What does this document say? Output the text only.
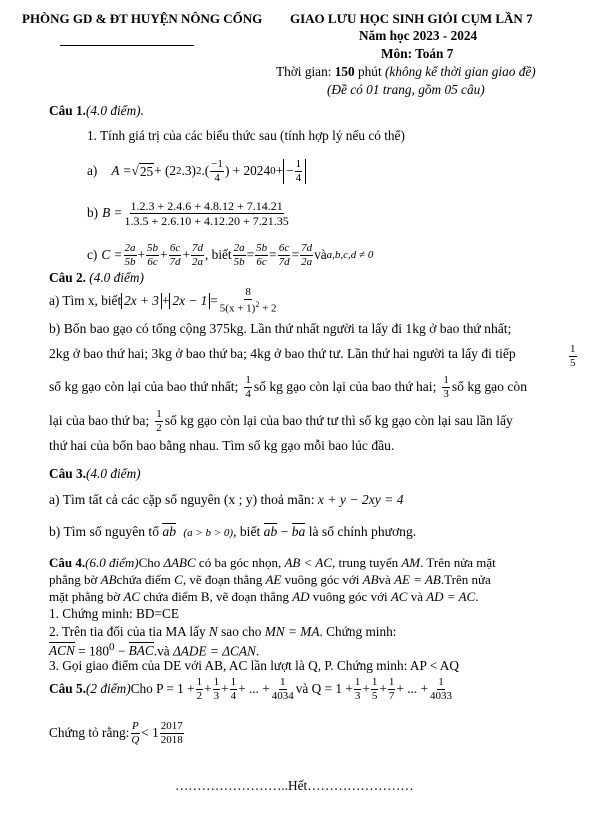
PHÒNG GD & ĐT HUYỆN NÔNG CỐNG GIAO LƯU HỌC SINH GIỎI CỤM LẦN 7
Năm học 2023 - 2024
Môn: Toán 7
Thời gian: 150 phút (không kể thời gian giao đề)
(Đề có 01 trang, gồm 05 câu)
Câu 1.(4.0 điểm).
1. Tính giá trị của các biểu thức sau (tính hợp lý nếu có thể)
a) A = √ 25 + (2 2 .3) 2 .( $\frac{-1}{4}$ ) + 2024 0 + − $\frac{1}{4}$
b) $B = \frac{1.2.3 + 2.4.6 + 4.8.12 + 7.14.21}{1.3.5 + 2.6.10 + 4.12.20 + 7.21.35}$
c) $C = \frac{2a}{5b} + \frac{5b}{6c} + \frac{6c}{7d} + \frac{7d}{2a}$ , biết $\frac{2a}{5b} = \frac{5b}{6c} = \frac{6c}{7d} = \frac{7d}{2a}$ và a,b,c,d ≠ 0
Câu 2. (4.0 điểm)
a) Tìm x, biết $2x + 3 + 2x - 1 = \frac{8}{5(x + 1)^2 + 2}$
b) Bốn bao gạo có tổng cộng 375kg. Lần thứ nhất người ta lấy đi 1kg ở bao thứ nhất;
2kg ở bao thứ hai; 3kg ở bao thứ ba; 4kg ở bao thứ tư. Lần thứ hai người ta lấy đi tiếp	$\frac{1}{5}$
số kg gạo còn lại của bao thứ nhất; $\frac{1}{4}$ số kg gạo còn lại của bao thứ hai; $\frac{1}{3}$ số kg gạo còn
lại của bao thứ ba; $\frac{1}{2}$ số kg gạo còn lại của bao thứ tư thì số kg gạo còn lại sau lần lấy
thứ hai của bốn bao bằng nhau. Tìm số kg gạo mỗi bao lúc đầu.
Câu 3.(4.0 điểm)
a) Tìm tất cả các cặp số nguyên (x ; y) thoả mãn: x + y − 2xy = 4
b) Tìm số nguyên tố ab (a > b > 0), biết ab − ba là số chính phương.
Câu 4.(6.0 điểm)Cho ΔABC có ba góc nhọn, AB < AC, trung tuyến AM. Trên nửa mặt
phẳng bờ ABchứa điểm C, vẽ đoạn thẳng AE vuông góc với ABvà AE = AB.Trên nửa
mặt phẳng bờ AC chứa điểm B, vẽ đoạn thẳng AD vuông góc với AC và AD = AC.
1. Chứng minh: BD=CE
2. Trên tia đối của tia MA lấy N sao cho MN = MA. Chứng minh:
ACN = $180^0$ − BAC.và ΔADE = ΔCAN.
3. Gọi giao điểm của DE với AB, AC lần lượt là Q, P. Chứng minh: AP < AQ
Câu 5. (2 điểm) Cho $P = 1 + \frac{1}{2} + \frac{1}{3} + \frac{1}{4}$ + ... + $\frac{1}{4034}$ và $Q = 1 + \frac{1}{3} + \frac{1}{5} + \frac{1}{7}$ + ... + $\frac{1}{4033}$
Chứng tỏ rằng: $\frac{P}{Q} < 1 \frac{2017}{2018}$
……………………..Hết……………………
